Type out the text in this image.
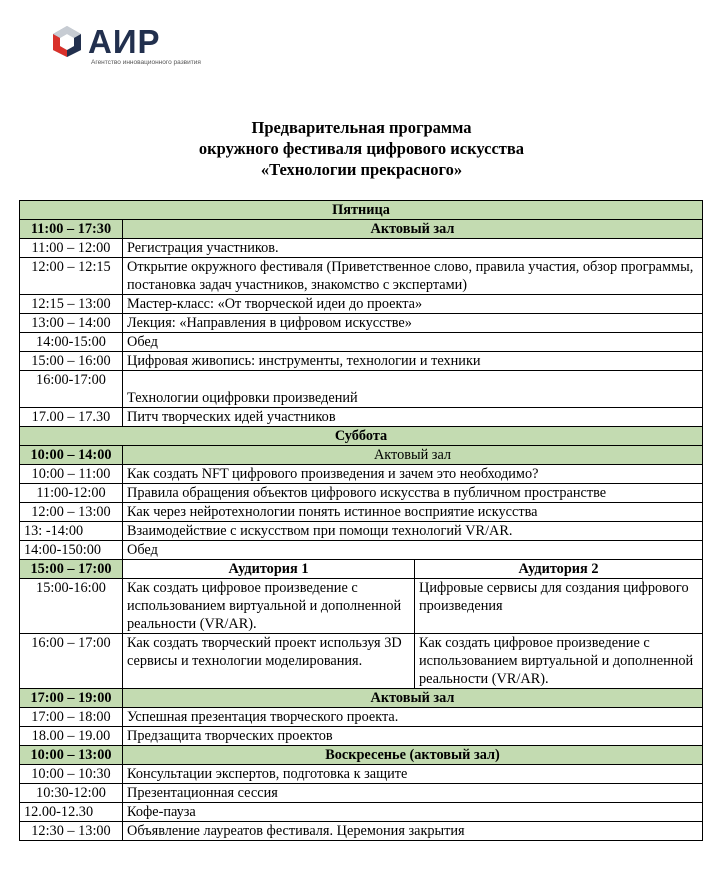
АИР
Агентство инновационного развития
Предварительная программа
окружного фестиваля цифрового искусства
«Технологии прекрасного»
Пятница		
11:00 – 17:30	Актовый зал	
11:00 – 12:00	Регистрация участников.	
12:00 – 12:15	Открытие окружного фестиваля (Приветственное слово, правила участия, обзор программы, постановка задач участников, знакомство с экспертами)	
12:15 – 13:00	Мастер-класс: «От творческой идеи до проекта»	
13:00 – 14:00	Лекция: «Направления в цифровом искусстве»	
14:00-15:00	Обед	
15:00 – 16:00	Цифровая живопись: инструменты, технологии и техники	
16:00-17:00	Технологии оцифровки произведений	
17.00 – 17.30	Питч творческих идей участников	
Суббота		
10:00 – 14:00	Актовый зал	
10:00 – 11:00	Как создать NFT цифрового произведения и зачем это необходимо?	
11:00-12:00	Правила обращения объектов цифрового искусства в публичном пространстве	
12:00 – 13:00	Как через нейротехнологии понять истинное восприятие искусства	
13: -14:00	Взаимодействие с искусством при помощи технологий VR/AR.	
14:00-150:00	Обед	
15:00 – 17:00	Аудитория 1	Аудитория 2
15:00-16:00	Как создать цифровое произведение с использованием виртуальной и дополненной реальности (VR/AR).	Цифровые сервисы для создания цифрового произведения
16:00 – 17:00	Как создать творческий проект используя 3D сервисы и технологии моделирования.	Как создать цифровое произведение с использованием виртуальной и дополненной реальности (VR/AR).
17:00 – 19:00	Актовый зал	
17:00 – 18:00	Успешная презентация творческого проекта.	
18.00 – 19.00	Предзащита творческих проектов	
10:00 – 13:00	Воскресенье (актовый зал)	
10:00 – 10:30	Консультации экспертов, подготовка к защите	
10:30-12:00	Презентационная сессия	
12.00-12.30	Кофе-пауза	
12:30 – 13:00	Объявление лауреатов фестиваля. Церемония закрытия	
